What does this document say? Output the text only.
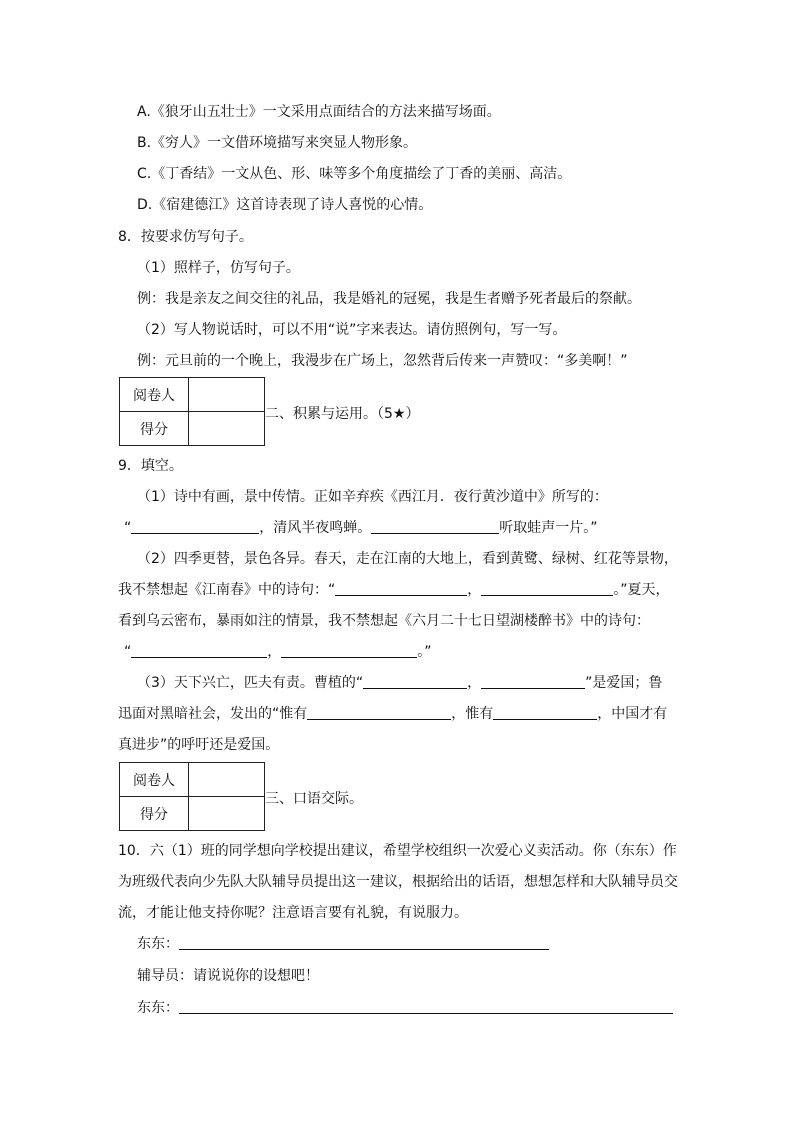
A.《狼牙山五壮士》一文采用点面结合的方法来描写场面。
B.《穷人》一文借环境描写来突显人物形象。
C.《丁香结》一文从色、形、味等多个角度描绘了丁香的美丽、高洁。
D.《宿建德江》这首诗表现了诗人喜悦的心情。
8．按要求仿写句子。
（1）照样子，仿写句子。
例：我是亲友之间交往的礼品，我是婚礼的冠冕，我是生者赠予死者最后的祭献。
（2）写人物说话时，可以不用“说”字来表达。请仿照例句，写一写。
例：元旦前的一个晚上，我漫步在广场上，忽然背后传来一声赞叹：“多美啊！”
阅卷人	
得分	
二、积累与运用。（5★）
9．填空。
（1）诗中有画，景中传情。正如辛弃疾《西江月．夜行黄沙道中》所写的：
“	，清风半夜鸣蝉。	听取蛙声一片。”
（2）四季更替，景色各异。春天，走在江南的大地上，看到黄鹭、绿树、红花等景物，
我不禁想起《江南春》中的诗句：“	，	。”夏天，
看到乌云密布，暴雨如注的情景，我不禁想起《六月二十七日望湖楼醉书》中的诗句：
“	，	。”
（3）天下兴亡，匹夫有责。曹植的“	，	”是爱国；鲁
迅面对黑暗社会，发出的“惟有	，惟有	，中国才有
真进步”的呼吁还是爱国。
阅卷人	
得分	
三、口语交际。
10．六（1）班的同学想向学校提出建议，希望学校组织一次爱心义卖活动。你（东东）作
为班级代表向少先队大队辅导员提出这一建议，根据给出的话语，想想怎样和大队辅导员交
流，才能让他支持你呢？注意语言要有礼貌，有说服力。
东东：
辅导员：请说说你的设想吧！
东东：
